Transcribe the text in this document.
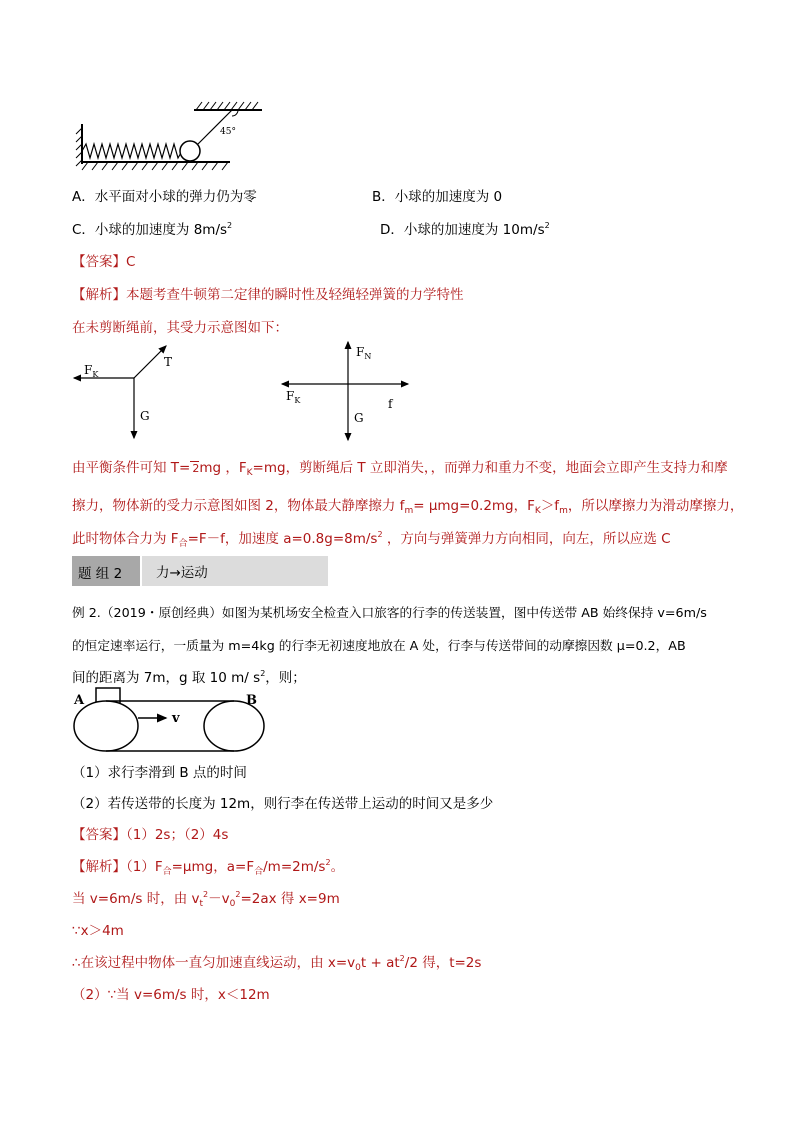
45°
A．水平面对小球的弹力仍为零	B．小球的加速度为 0
C．小球的加速度为 $8m/s^2$	D．小球的加速度为 $10m/s^2$
【答案】C
【解析】本题考查牛顿第二定律的瞬时性及轻绳轻弹簧的力学特性
在未剪断绳前，其受力示意图如下：
$F_K$
T
G
$F_N$
$F_K$
G
f
由平衡条件可知 T= 2mg ，$F_K=mg$，剪断绳后 T 立即消失，，而弹力和重力不变，地面会立即产生支持力和摩
擦力，物体新的受力示意图如图 2，物体最大静摩擦力 $f_m= \mu mg=0.2mg$，$F_K>f_m$，所以摩擦力为滑动摩擦力，
此时物体合力为 $F_合=F-f$，加速度 $a=0.8g=8m/s^2$ ，方向与弹簧弹力方向相同，向左，所以应选 C
题 组 2	力→运动
例 2.（2019・原创经典）如图为某机场安全检查入口旅客的行李的传送装置，图中传送带 AB 始终保持 v=6m/s
的恒定速率运行，一质量为 m=4kg 的行李无初速度地放在 A 处，行李与传送带间的动摩擦因数 μ=0.2，AB
间的距离为 7m，g 取 10 m/ $s^2$，则；
A	B
v
（1）求行李滑到 B 点的时间
（2）若传送带的长度为 12m，则行李在传送带上运动的时间又是多少
【答案】（1）2s；（2）4s
【解析】$(1)F_合=\mu mg$，$a=F_合/m=2m/s^2$。
当 v=6m/s 时，由 $v_t^2-v_0^2=2ax$ 得 x=9m
∵x＞4m
∴在该过程中物体一直匀加速直线运动，由 $x=v_0t + at^2/2$ 得，t=2s
（2）∵当 v=6m/s 时，x＜12m
